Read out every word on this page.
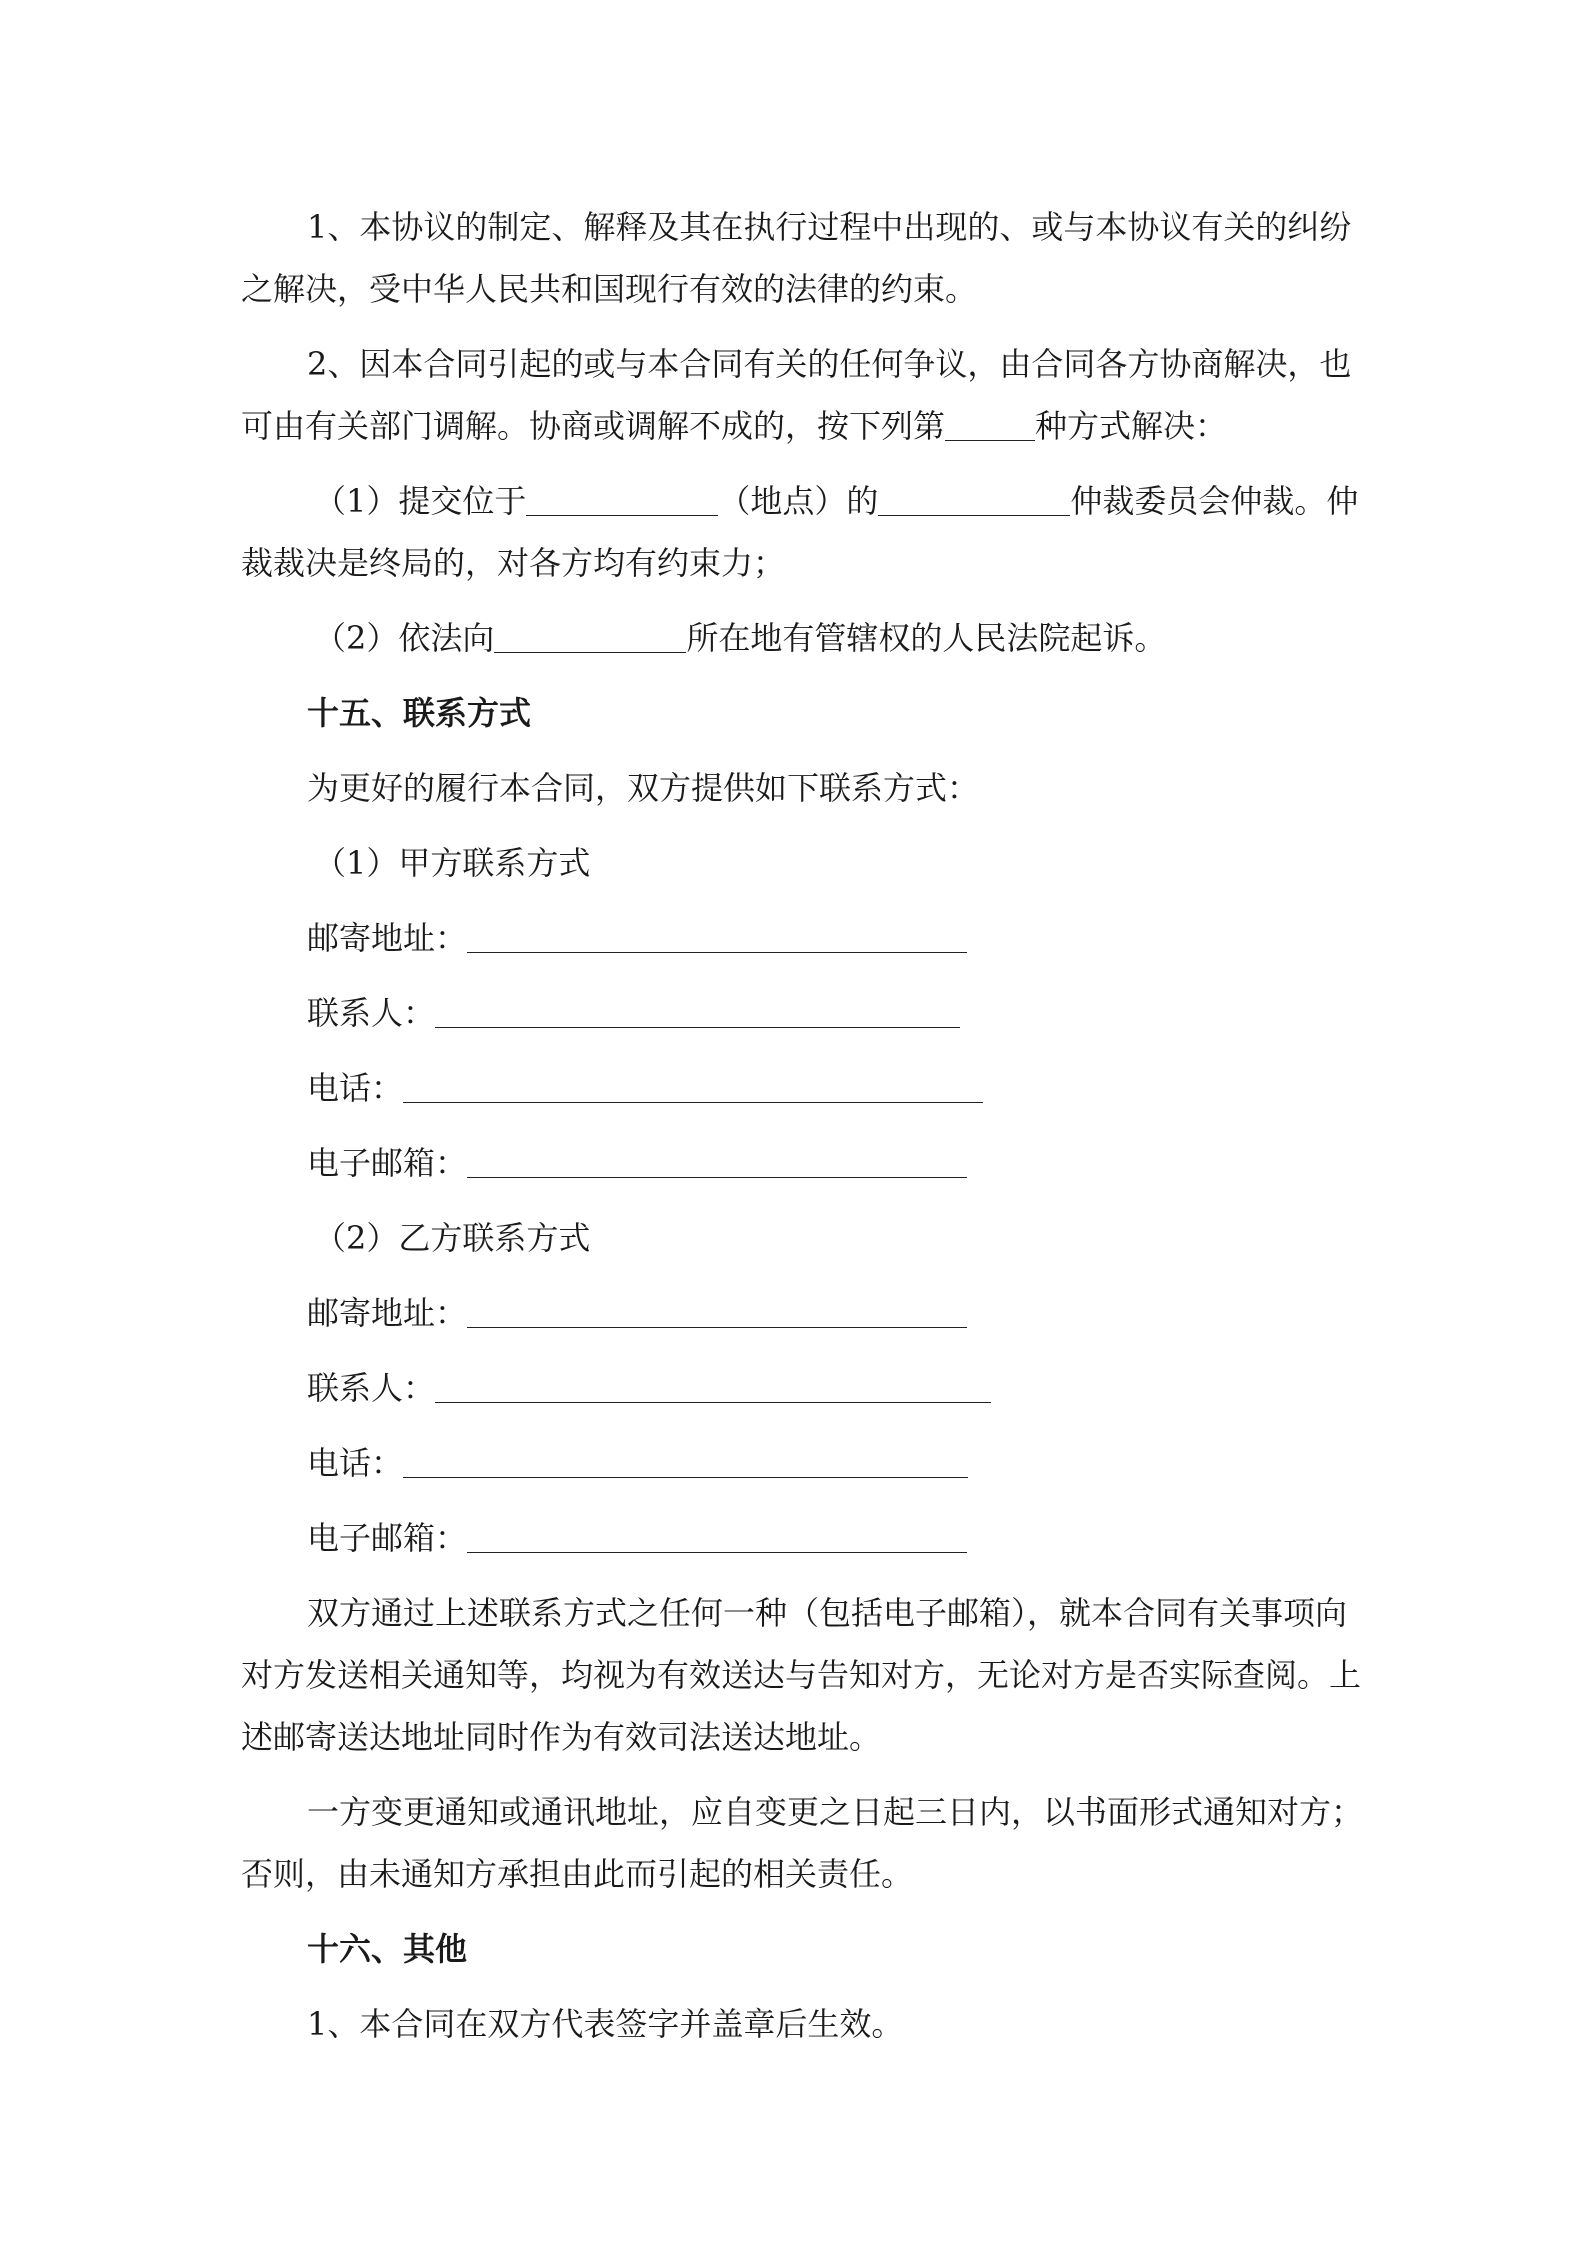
1、本协议的制定、解释及其在执行过程中出现的、或与本协议有关的纠纷
之解决，受中华人民共和国现行有效的法律的约束。
2、因本合同引起的或与本合同有关的任何争议，由合同各方协商解决，也
可由有关部门调解。协商或调解不成的，按下列第	种方式解决：
（1）提交位于	（地点）的	仲裁委员会仲裁。仲
裁裁决是终局的，对各方均有约束力；
（2）依法向	所在地有管辖权的人民法院起诉。
十五、联系方式
为更好的履行本合同，双方提供如下联系方式：
（1）甲方联系方式
邮寄地址：
联系人：
电话：
电子邮箱：
（2）乙方联系方式
邮寄地址：
联系人：
电话：
电子邮箱：
双方通过上述联系方式之任何一种（包括电子邮箱），就本合同有关事项向
对方发送相关通知等，均视为有效送达与告知对方，无论对方是否实际查阅。上
述邮寄送达地址同时作为有效司法送达地址。
一方变更通知或通讯地址，应自变更之日起三日内，以书面形式通知对方；
否则，由未通知方承担由此而引起的相关责任。
十六、其他
1、本合同在双方代表签字并盖章后生效。
